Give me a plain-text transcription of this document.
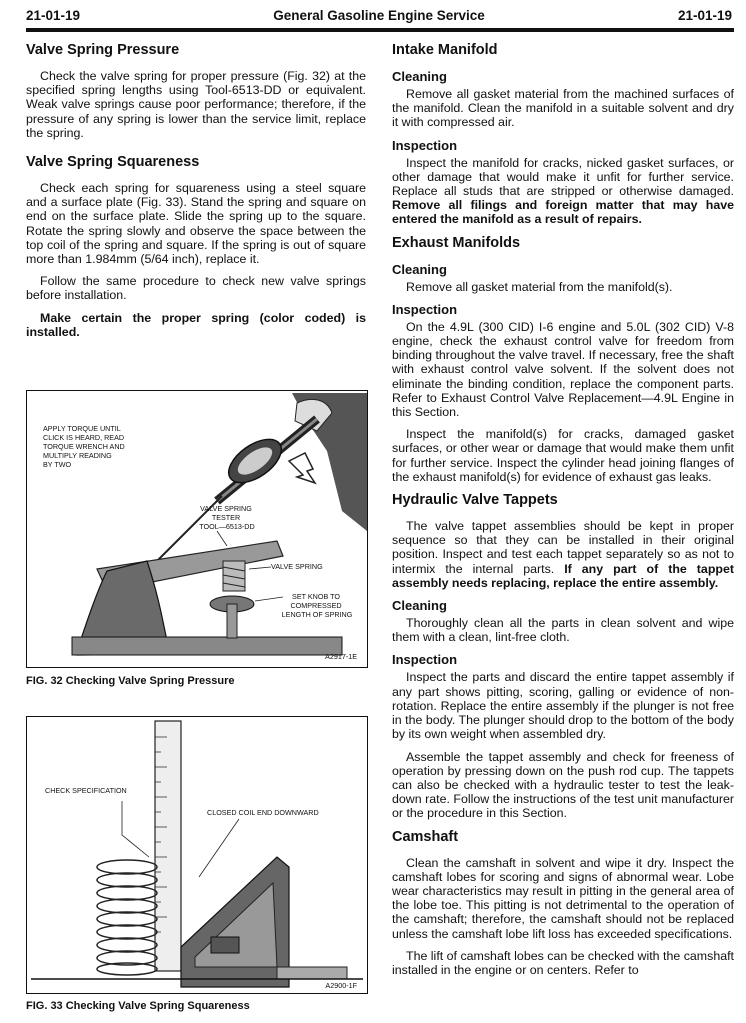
21-01-19	General Gasoline Engine Service	21-01-19
Valve Spring Pressure

Check the valve spring for proper pressure (Fig. 32) at the specified spring lengths using Tool-6513-DD or equivalent. Weak valve springs cause poor performance; therefore, if the pressure of any spring is lower than the service limit, replace the spring.

Valve Spring Squareness

Check each spring for squareness using a steel square and a surface plate (Fig. 33). Stand the spring and square on end on the surface plate. Slide the spring up to the square. Rotate the spring slowly and observe the space between the top coil of the spring and square. If the spring is out of square more than 1.984mm (5/64 inch), replace it.

Follow the same procedure to check new valve springs before installation.

Make certain the proper spring (color coded) is installed.

APPLY TORQUE UNTIL CLICK IS HEARD, READ TORQUE WRENCH AND MULTIPLY READING BY TWO
VALVE SPRING TESTER TOOL—6513-DD
VALVE SPRING
SET KNOB TO COMPRESSED LENGTH OF SPRING
A2917-1E
FIG. 32 Checking Valve Spring Pressure
CHECK SPECIFICATION
CLOSED COIL END DOWNWARD
A2900-1F
FIG. 33 Checking Valve Spring Squareness
Intake Manifold
Cleaning

Remove all gasket material from the machined surfaces of the manifold. Clean the manifold in a suitable solvent and dry it with compressed air.

Inspection

Inspect the manifold for cracks, nicked gasket surfaces, or other damage that would make it unfit for further service. Replace all studs that are stripped or otherwise damaged. Remove all filings and foreign matter that may have entered the manifold as a result of repairs.

Exhaust Manifolds
Cleaning

Remove all gasket material from the manifold(s).

Inspection

On the 4.9L (300 CID) I-6 engine and 5.0L (302 CID) V-8 engine, check the exhaust control valve for freedom from binding throughout the valve travel. If necessary, free the shaft with exhaust control valve solvent. If the solvent does not eliminate the binding condition, replace the component parts. Refer to Exhaust Control Valve Replacement—4.9L Engine in this Section.

Inspect the manifold(s) for cracks, damaged gasket surfaces, or other wear or damage that would make them unfit for further service. Inspect the cylinder head joining flanges of the exhaust manifold(s) for evidence of exhaust gas leaks.

Hydraulic Valve Tappets

The valve tappet assemblies should be kept in proper sequence so that they can be installed in their original position. Inspect and test each tappet separately so as not to intermix the internal parts. If any part of the tappet assembly needs replacing, replace the entire assembly.

Cleaning

Thoroughly clean all the parts in clean solvent and wipe them with a clean, lint-free cloth.

Inspection

Inspect the parts and discard the entire tappet assembly if any part shows pitting, scoring, galling or evidence of non-rotation. Replace the entire assembly if the plunger is not free in the body. The plunger should drop to the bottom of the body by its own weight when assembled dry.

Assemble the tappet assembly and check for freeness of operation by pressing down on the push rod cup. The tappets can also be checked with a hydraulic tester to test the leak-down rate. Follow the instructions of the test unit manufacturer or the procedure in this Section.

Camshaft

Clean the camshaft in solvent and wipe it dry. Inspect the camshaft lobes for scoring and signs of abnormal wear. Lobe wear characteristics may result in pitting in the general area of the lobe toe. This pitting is not detrimental to the operation of the camshaft; therefore, the camshaft should not be replaced unless the camshaft lobe lift loss has exceeded specifications.

The lift of camshaft lobes can be checked with the camshaft installed in the engine or on centers. Refer to
